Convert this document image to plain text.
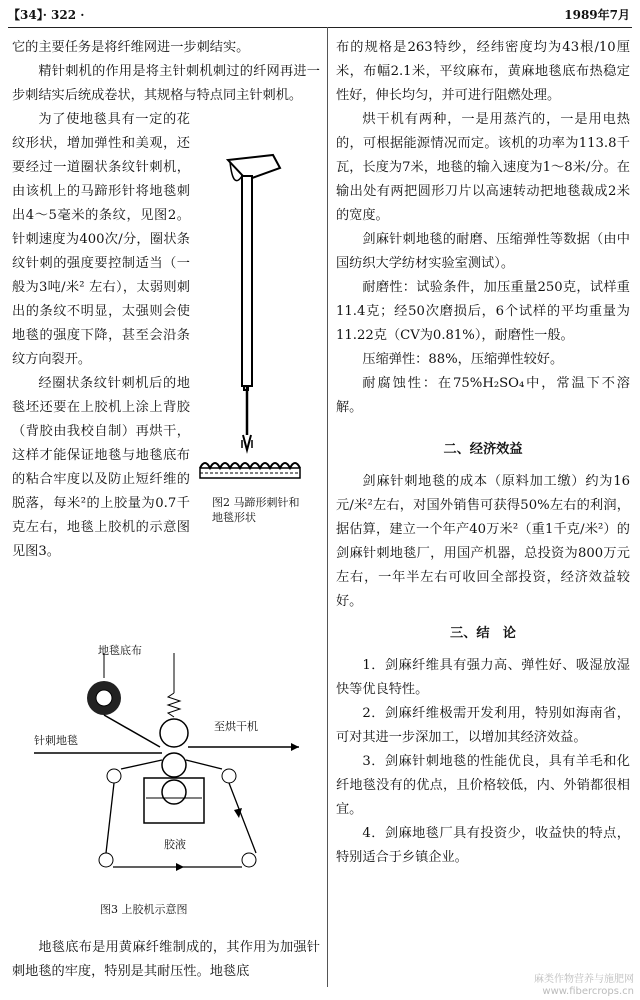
【34】· 322 ·	1989年7月

它的主要任务是将纤维网进一步刺结实。

精针刺机的作用是将主针刺机刺过的纤网再进一步刺结实后统成卷状，其规格与特点同主针刺机。

为了使地毯具有一定的花纹形状，增加弹性和美观，还要经过一道圈状条纹针刺机，由该机上的马蹄形针将地毯刺出4～5毫米的条纹，见图2。针刺速度为400次/分，圈状条纹针刺的强度要控制适当（一般为3吨/米² 左右），太弱则刺出的条纹不明显，太强则会使地毯的强度下降，甚至会沿条纹方向裂开。

经圈状条纹针刺机后的地毯坯还要在上胶机上涂上背胶（背胶由我校自制）再烘干，这样才能保证地毯与地毯底布的粘合牢度以及防止短纤维的脱落，每米²的上胶量为0.7千克左右，地毯上胶机的示意图见图3。

图2 马蹄形刺针和地毯形状
地毯底布
至烘干机
针刺地毯
胶液
图3 上胶机示意图

地毯底布是用黄麻纤维制成的，其作用为加强针刺地毯的牢度，特别是其耐压性。地毯底

布的规格是263特纱，经纬密度均为43根/10厘米，布幅2.1米，平纹麻布，黄麻地毯底布热稳定性好，伸长均匀，并可进行阻燃处理。

烘干机有两种，一是用蒸汽的，一是用电热的，可根据能源情况而定。该机的功率为113.8千瓦，长度为7米，地毯的输入速度为1～8米/分。在输出处有两把圆形刀片以高速转动把地毯裁成2米的宽度。

剑麻针刺地毯的耐磨、压缩弹性等数据（由中国纺织大学纺材实验室测试）。

耐磨性：试验条件，加压重量250克，试样重11.4克；经50次磨损后，6个试样的平均重量为11.22克（CV为0.81%），耐磨性一般。

压缩弹性：88%，压缩弹性较好。

耐腐蚀性：在75%H₂SO₄中，常温下不溶解。

二、经济效益

剑麻针刺地毯的成本（原料加工缴）约为16元/米²左右，对国外销售可获得50%左右的利润，据估算，建立一个年产40万米²（重1千克/米²）的剑麻针刺地毯厂，用国产机器，总投资为800万元左右，一年半左右可收回全部投资，经济效益较好。

三、结　论

1．剑麻纤维具有强力高、弹性好、吸湿放湿快等优良特性。

2．剑麻纤维极需开发利用，特别如海南省，可对其进一步深加工，以增加其经济效益。

3．剑麻针刺地毯的性能优良，具有羊毛和化纤地毯没有的优点，且价格较低，内、外销都很相宜。

4．剑麻地毯厂具有投资少，收益快的特点，特别适合于乡镇企业。

麻类作物营养与施肥网
www.fibercrops.cn
